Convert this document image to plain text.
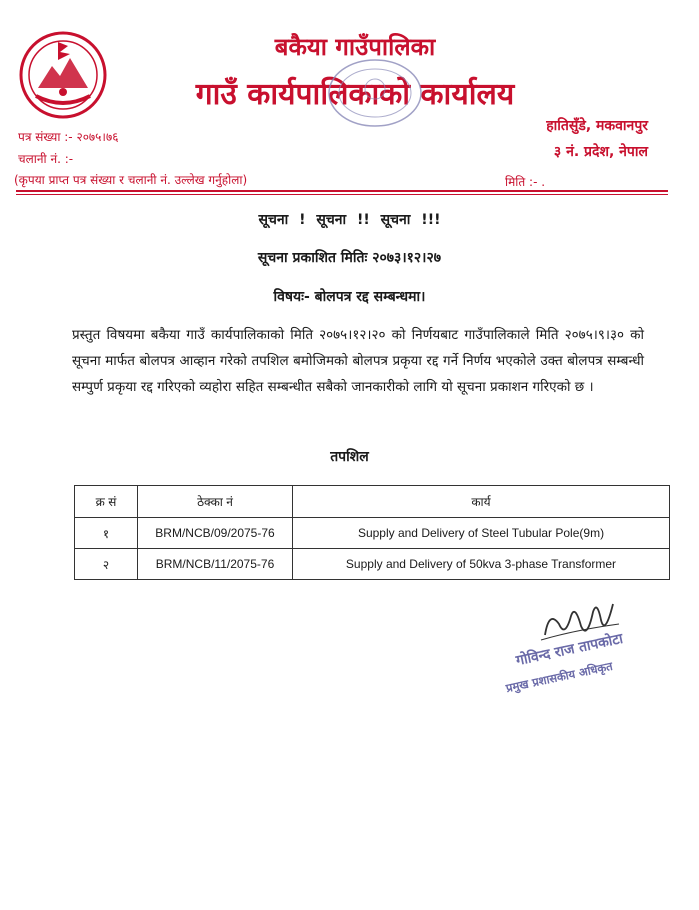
बकैया गाउँपालिका
गाउँ कार्यपालिकाको कार्यालय
पत्र संख्या :- २०७५।७६
चलानी नं. :-
(कृपया प्राप्त पत्र संख्या र चलानी नं. उल्लेख गर्नुहोला)
हातिसुँडे, मकवानपुर
३ नं. प्रदेश, नेपाल
मिति :- .
सूचना ! सूचना !! सूचना !!!
सूचना प्रकाशित मितिः २०७३।१२।२७
विषयः- बोलपत्र रद्द सम्बन्धमा।
प्रस्तुत विषयमा बकैया गाउँ कार्यपालिकाको मिति २०७५।१२।२० को निर्णयबाट गाउँपालिकाले मिति २०७५।९।३० को सूचना मार्फत बोलपत्र आव्हान गरेको तपशिल बमोजिमको बोलपत्र प्रकृया रद्द गर्ने निर्णय भएकोले उक्त बोलपत्र सम्बन्धी सम्पुर्ण प्रकृया रद्द गरिएको व्यहोरा सहित सम्बन्धीत सबैको जानकारीको लागि यो सूचना प्रकाशन गरिएको छ ।
तपशिल
क्र सं	ठेक्का नं	कार्य
१	BRM/NCB/09/2075-76	Supply and Delivery of Steel Tubular Pole(9m)
२	BRM/NCB/11/2075-76	Supply and Delivery of 50kva 3-phase Transformer
गोविन्द राज तापकोटा
प्रमुख प्रशासकीय अधिकृत
